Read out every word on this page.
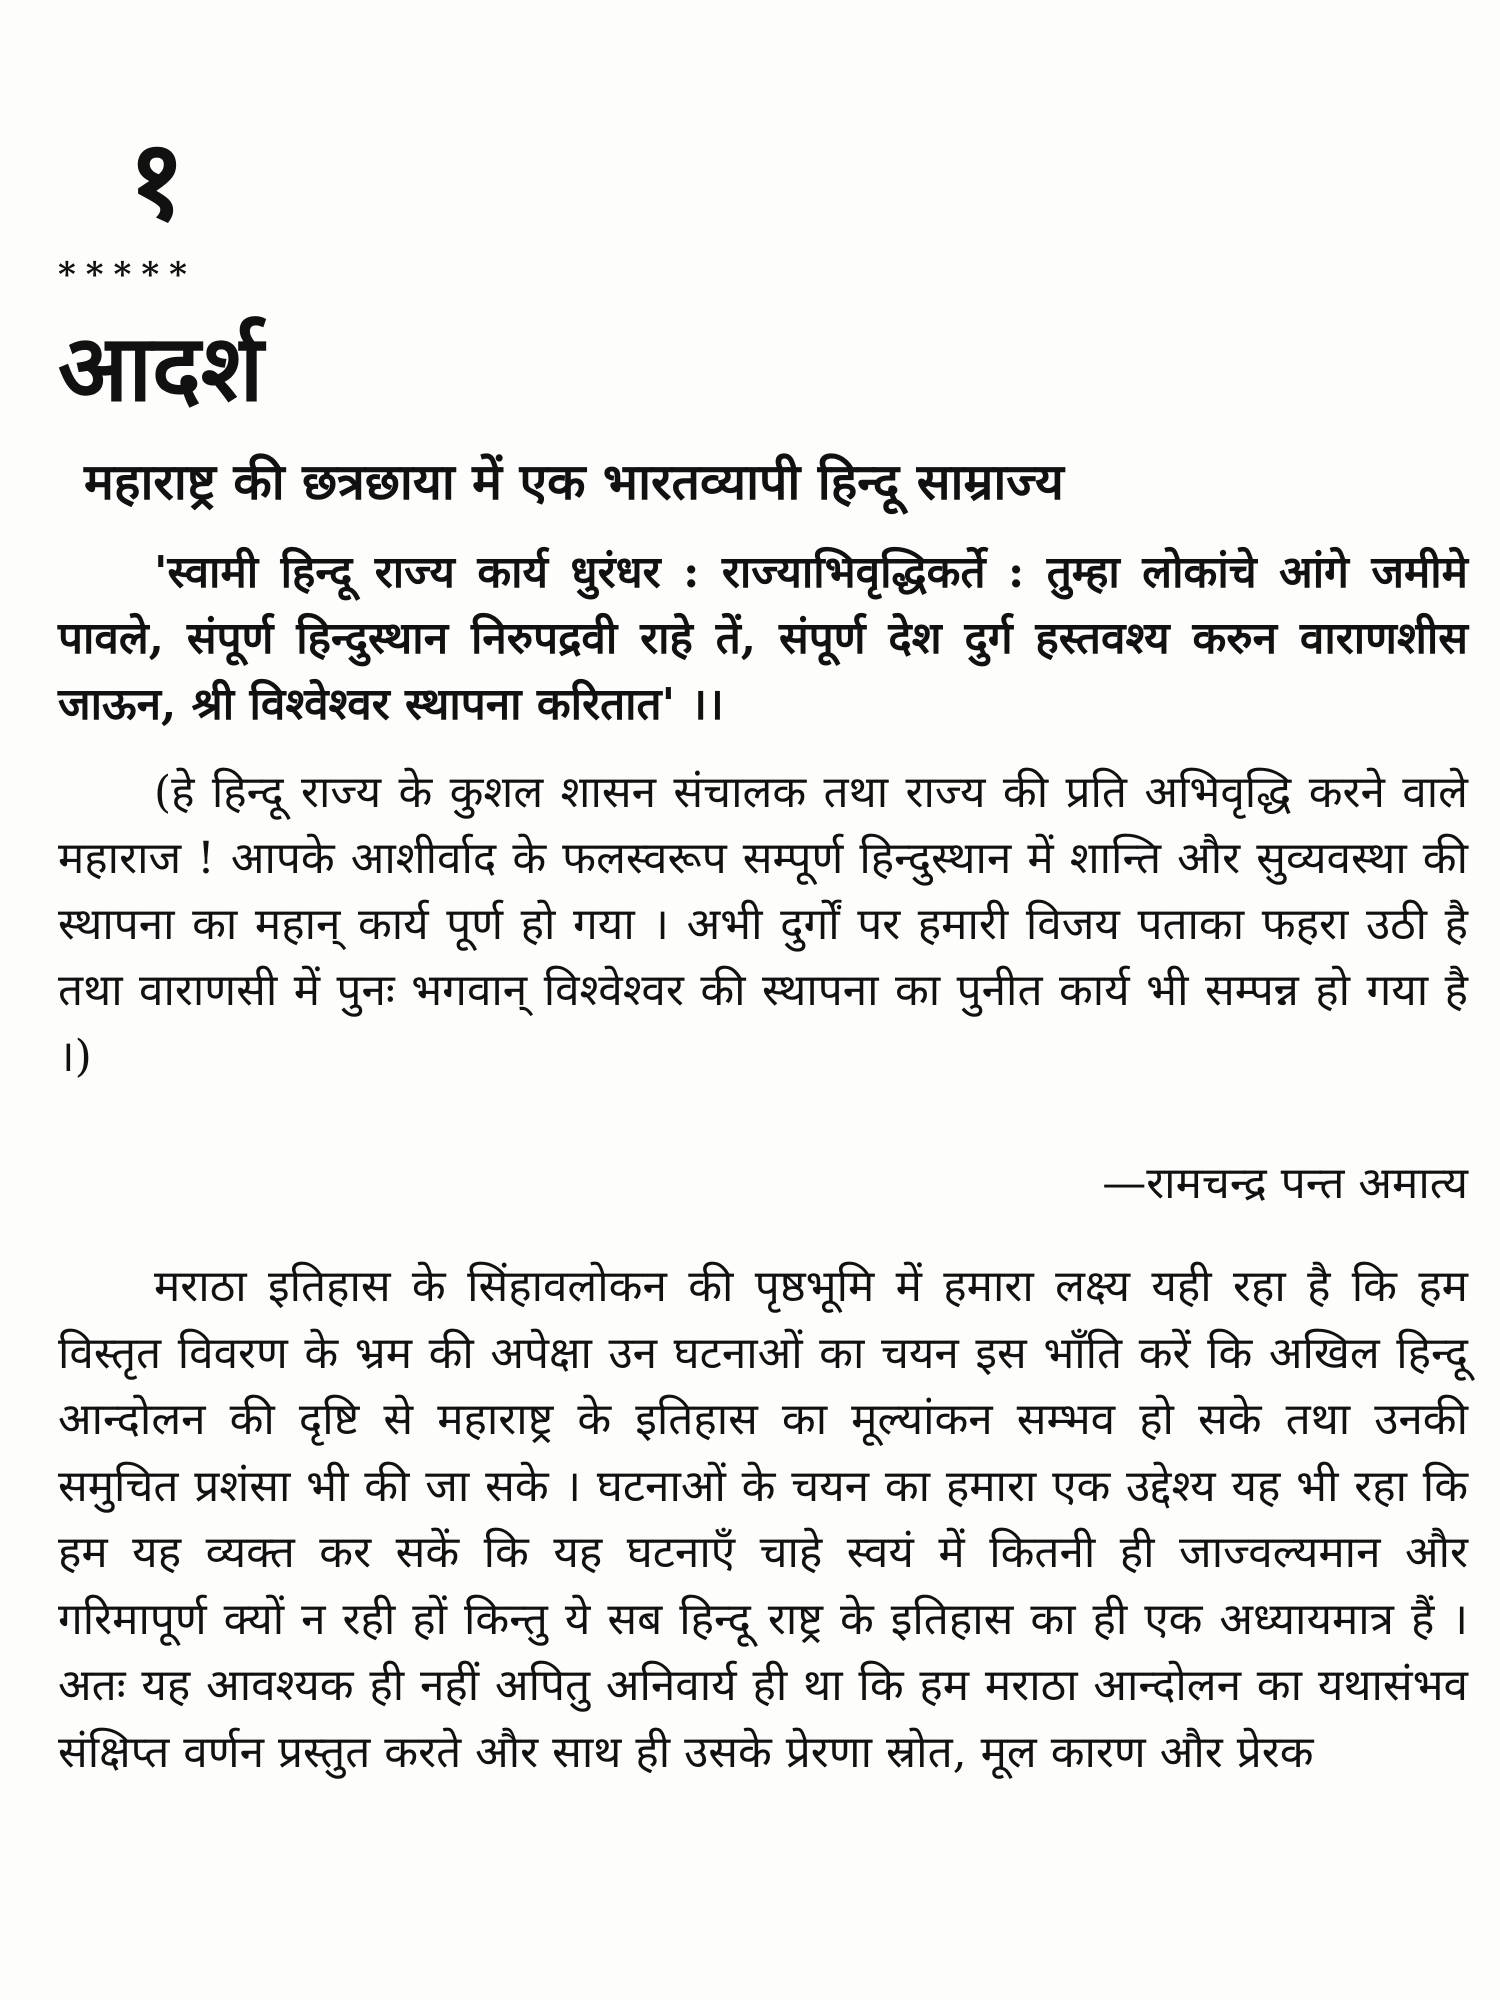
१
*****
आदर्श
महाराष्ट्र की छत्रछाया में एक भारतव्यापी हिन्दू साम्राज्य

'स्वामी हिन्दू राज्य कार्य धुरंधर : राज्याभिवृद्धिकर्ते : तुम्हा लोकांचे आंगे जमीमे पावले, संपूर्ण हिन्दुस्थान निरुपद्रवी राहे तें, संपूर्ण देश दुर्ग हस्तवश्य करुन वाराणशीस जाऊन, श्री विश्वेश्वर स्थापना करितात' ।।

(हे हिन्दू राज्य के कुशल शासन संचालक तथा राज्य की प्रति अभिवृद्धि करने वाले महाराज ! आपके आशीर्वाद के फलस्वरूप सम्पूर्ण हिन्दुस्थान में शान्ति और सुव्यवस्था की स्थापना का महान् कार्य पूर्ण हो गया । अभी दुर्गों पर हमारी विजय पताका फहरा उठी है तथा वाराणसी में पुनः भगवान् विश्वेश्वर की स्थापना का पुनीत कार्य भी सम्पन्न हो गया है ।)

—रामचन्द्र पन्त अमात्य

मराठा इतिहास के सिंहावलोकन की पृष्ठभूमि में हमारा लक्ष्य यही रहा है कि हम विस्तृत विवरण के भ्रम की अपेक्षा उन घटनाओं का चयन इस भाँति करें कि अखिल हिन्दू आन्दोलन की दृष्टि से महाराष्ट्र के इतिहास का मूल्यांकन सम्भव हो सके तथा उनकी समुचित प्रशंसा भी की जा सके । घटनाओं के चयन का हमारा एक उद्देश्य यह भी रहा कि हम यह व्यक्त कर सकें कि यह घटनाएँ चाहे स्वयं में कितनी ही जाज्वल्यमान और गरिमापूर्ण क्यों न रही हों किन्तु ये सब हिन्दू राष्ट्र के इतिहास का ही एक अध्यायमात्र हैं । अतः यह आवश्यक ही नहीं अपितु अनिवार्य ही था कि हम मराठा आन्दोलन का यथासंभव संक्षिप्त वर्णन प्रस्तुत करते और साथ ही उसके प्रेरणा स्रोत, मूल कारण और प्रेरक
